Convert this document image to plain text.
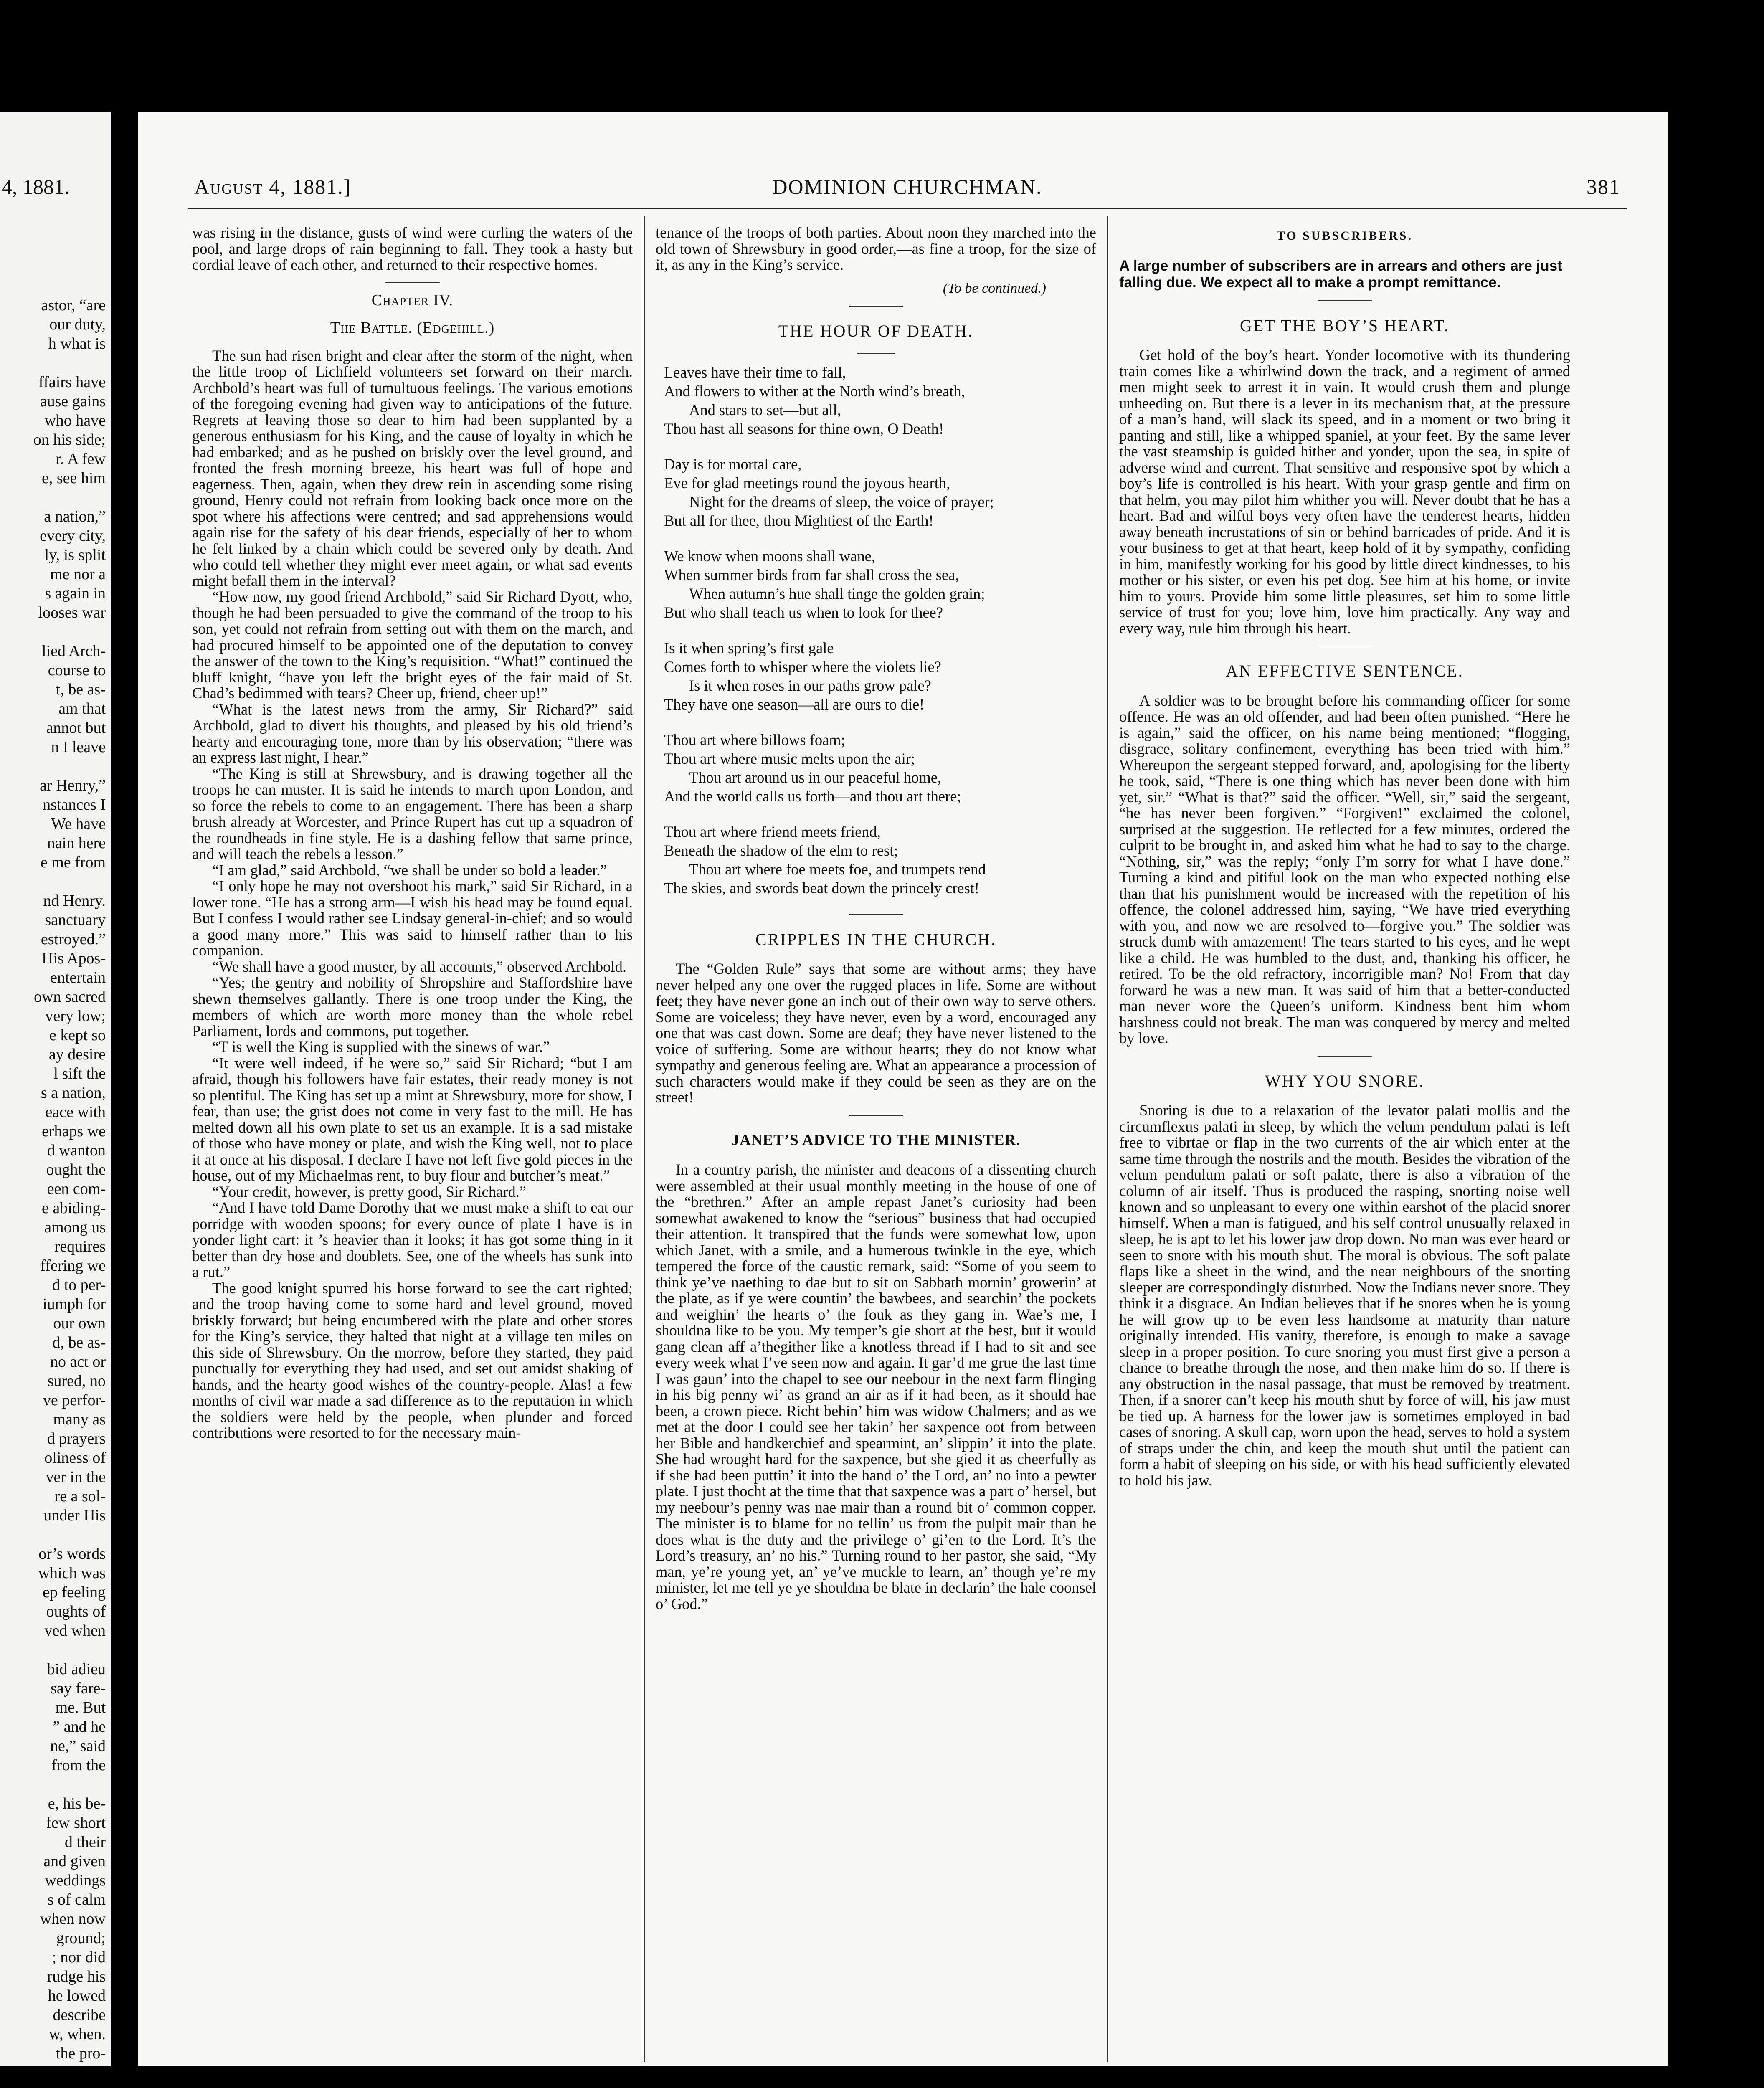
4, 1881.
astor, “are
our duty,
h what is

ffairs have
ause gains
who have
on his side;
r. A few
e, see him

a nation,”
every city,
ly, is split
me nor a
s again in
looses war

lied Arch-
course to
t, be as-
am that
annot but
n I leave

ar Henry,”
nstances I
We have
nain here
e me from

nd Henry.
sanctuary
estroyed.”
His Apos-
entertain
own sacred
very low;
e kept so
ay desire
l sift the
s a nation,
eace with
erhaps we
d wanton
ought the
een com-
e abiding-
among us
requires
ffering we
d to per-
iumph for
our own
d, be as-
no act or
sured, no
ve perfor-
many as
d prayers
oliness of
ver in the
re a sol-
under His

or’s words
which was
ep feeling
oughts of
ved when

bid adieu
say fare-
me. But
” and he
ne,” said
from the

e, his be-
few short
d their
and given
weddings
s of calm
when now
ground;
; nor did
rudge his
he lowed
describe
w, when.
the pro-

August 4, 1881.]	DOMINION CHURCHMAN.	381

was rising in the distance, gusts of wind were curling the waters of the pool, and large drops of rain beginning to fall. They took a hasty but cordial leave of each other, and returned to their respective homes.

Chapter IV.
The Battle. (Edgehill.)

The sun had risen bright and clear after the storm of the night, when the little troop of Lichfield volunteers set forward on their march. Archbold’s heart was full of tumultuous feelings. The various emotions of the foregoing evening had given way to anticipations of the future. Regrets at leaving those so dear to him had been supplanted by a generous enthusiasm for his King, and the cause of loyalty in which he had embarked; and as he pushed on briskly over the level ground, and fronted the fresh morning breeze, his heart was full of hope and eagerness. Then, again, when they drew rein in ascending some rising ground, Henry could not refrain from looking back once more on the spot where his affections were centred; and sad apprehensions would again rise for the safety of his dear friends, especially of her to whom he felt linked by a chain which could be severed only by death. And who could tell whether they might ever meet again, or what sad events might befall them in the interval?

“How now, my good friend Archbold,” said Sir Richard Dyott, who, though he had been persuaded to give the command of the troop to his son, yet could not refrain from setting out with them on the march, and had procured himself to be appointed one of the deputation to convey the answer of the town to the King’s requisition. “What!” continued the bluff knight, “have you left the bright eyes of the fair maid of St. Chad’s bedimmed with tears? Cheer up, friend, cheer up!”

“What is the latest news from the army, Sir Richard?” said Archbold, glad to divert his thoughts, and pleased by his old friend’s hearty and encouraging tone, more than by his observation; “there was an express last night, I hear.”

“The King is still at Shrewsbury, and is drawing together all the troops he can muster. It is said he intends to march upon London, and so force the rebels to come to an engagement. There has been a sharp brush already at Worcester, and Prince Rupert has cut up a squadron of the roundheads in fine style. He is a dashing fellow that same prince, and will teach the rebels a lesson.”

“I am glad,” said Archbold, “we shall be under so bold a leader.”

“I only hope he may not overshoot his mark,” said Sir Richard, in a lower tone. “He has a strong arm—I wish his head may be found equal. But I confess I would rather see Lindsay general-in-chief; and so would a good many more.” This was said to himself rather than to his companion.

“We shall have a good muster, by all accounts,” observed Archbold.

“Yes; the gentry and nobility of Shropshire and Staffordshire have shewn themselves gallantly. There is one troop under the King, the members of which are worth more money than the whole rebel Parliament, lords and commons, put together.

“T is well the King is supplied with the sinews of war.”

“It were well indeed, if he were so,” said Sir Richard; “but I am afraid, though his followers have fair estates, their ready money is not so plentiful. The King has set up a mint at Shrewsbury, more for show, I fear, than use; the grist does not come in very fast to the mill. He has melted down all his own plate to set us an example. It is a sad mistake of those who have money or plate, and wish the King well, not to place it at once at his disposal. I declare I have not left five gold pieces in the house, out of my Michaelmas rent, to buy flour and butcher’s meat.”

“Your credit, however, is pretty good, Sir Richard.”

“And I have told Dame Dorothy that we must make a shift to eat our porridge with wooden spoons; for every ounce of plate I have is in yonder light cart: it ’s heavier than it looks; it has got some thing in it better than dry hose and doublets. See, one of the wheels has sunk into a rut.”

The good knight spurred his horse forward to see the cart righted; and the troop having come to some hard and level ground, moved briskly forward; but being encumbered with the plate and other stores for the King’s service, they halted that night at a village ten miles on this side of Shrewsbury. On the morrow, before they started, they paid punctually for everything they had used, and set out amidst shaking of hands, and the hearty good wishes of the country-people. Alas! a few months of civil war made a sad difference as to the reputation in which the soldiers were held by the people, when plunder and forced contributions were resorted to for the necessary main-

tenance of the troops of both parties. About noon they marched into the old town of Shrewsbury in good order,—as fine a troop, for the size of it, as any in the King’s service.

(To be continued.)
THE HOUR OF DEATH.
Leaves have their time to fall,
And flowers to wither at the North wind’s breath,
And stars to set—but all,
Thou hast all seasons for thine own, O Death!
Day is for mortal care,
Eve for glad meetings round the joyous hearth,
Night for the dreams of sleep, the voice of prayer;
But all for thee, thou Mightiest of the Earth!
We know when moons shall wane,
When summer birds from far shall cross the sea,
When autumn’s hue shall tinge the golden grain;
But who shall teach us when to look for thee?
Is it when spring’s first gale
Comes forth to whisper where the violets lie?
Is it when roses in our paths grow pale?
They have one season—all are ours to die!
Thou art where billows foam;
Thou art where music melts upon the air;
Thou art around us in our peaceful home,
And the world calls us forth—and thou art there;
Thou art where friend meets friend,
Beneath the shadow of the elm to rest;
Thou art where foe meets foe, and trumpets rend
The skies, and swords beat down the princely crest!
CRIPPLES IN THE CHURCH.

The “Golden Rule” says that some are without arms; they have never helped any one over the rugged places in life. Some are without feet; they have never gone an inch out of their own way to serve others. Some are voiceless; they have never, even by a word, encouraged any one that was cast down. Some are deaf; they have never listened to the voice of suffering. Some are without hearts; they do not know what sympathy and generous feeling are. What an appearance a procession of such characters would make if they could be seen as they are on the street!

JANET’S ADVICE TO THE MINISTER.

In a country parish, the minister and deacons of a dissenting church were assembled at their usual monthly meeting in the house of one of the “brethren.” After an ample repast Janet’s curiosity had been somewhat awakened to know the “serious” business that had occupied their attention. It transpired that the funds were somewhat low, upon which Janet, with a smile, and a humerous twinkle in the eye, which tempered the force of the caustic remark, said: “Some of you seem to think ye’ve naething to dae but to sit on Sabbath mornin’ growerin’ at the plate, as if ye were countin’ the bawbees, and searchin’ the pockets and weighin’ the hearts o’ the fouk as they gang in. Wae’s me, I shouldna like to be you. My temper’s gie short at the best, but it would gang clean aff a’thegither like a knotless thread if I had to sit and see every week what I’ve seen now and again. It gar’d me grue the last time I was gaun’ into the chapel to see our neebour in the next farm flinging in his big penny wi’ as grand an air as if it had been, as it should hae been, a crown piece. Richt behin’ him was widow Chalmers; and as we met at the door I could see her takin’ her saxpence oot from between her Bible and handkerchief and spearmint, an’ slippin’ it into the plate. She had wrought hard for the saxpence, but she gied it as cheerfully as if she had been puttin’ it into the hand o’ the Lord, an’ no into a pewter plate. I just thocht at the time that that saxpence was a part o’ hersel, but my neebour’s penny was nae mair than a round bit o’ common copper. The minister is to blame for no tellin’ us from the pulpit mair than he does what is the duty and the privilege o’ gi’en to the Lord. It’s the Lord’s treasury, an’ no his.” Turning round to her pastor, she said, “My man, ye’re young yet, an’ ye’ve muckle to learn, an’ though ye’re my minister, let me tell ye ye shouldna be blate in declarin’ the hale coonsel o’ God.”

TO SUBSCRIBERS.
A large number of subscribers are in arrears and others are just falling due. We expect all to make a prompt remittance.
GET THE BOY’S HEART.

Get hold of the boy’s heart. Yonder locomotive with its thundering train comes like a whirlwind down the track, and a regiment of armed men might seek to arrest it in vain. It would crush them and plunge unheeding on. But there is a lever in its mechanism that, at the pressure of a man’s hand, will slack its speed, and in a moment or two bring it panting and still, like a whipped spaniel, at your feet. By the same lever the vast steamship is guided hither and yonder, upon the sea, in spite of adverse wind and current. That sensitive and responsive spot by which a boy’s life is controlled is his heart. With your grasp gentle and firm on that helm, you may pilot him whither you will. Never doubt that he has a heart. Bad and wilful boys very often have the tenderest hearts, hidden away beneath incrustations of sin or behind barricades of pride. And it is your business to get at that heart, keep hold of it by sympathy, confiding in him, manifestly working for his good by little direct kindnesses, to his mother or his sister, or even his pet dog. See him at his home, or invite him to yours. Provide him some little pleasures, set him to some little service of trust for you; love him, love him practically. Any way and every way, rule him through his heart.

AN EFFECTIVE SENTENCE.

A soldier was to be brought before his commanding officer for some offence. He was an old offender, and had been often punished. “Here he is again,” said the officer, on his name being mentioned; “flogging, disgrace, solitary confinement, everything has been tried with him.” Whereupon the sergeant stepped forward, and, apologising for the liberty he took, said, “There is one thing which has never been done with him yet, sir.” “What is that?” said the officer. “Well, sir,” said the sergeant, “he has never been forgiven.” “Forgiven!” exclaimed the colonel, surprised at the suggestion. He reflected for a few minutes, ordered the culprit to be brought in, and asked him what he had to say to the charge. “Nothing, sir,” was the reply; “only I’m sorry for what I have done.” Turning a kind and pitiful look on the man who expected nothing else than that his punishment would be increased with the repetition of his offence, the colonel addressed him, saying, “We have tried everything with you, and now we are resolved to—forgive you.” The soldier was struck dumb with amazement! The tears started to his eyes, and he wept like a child. He was humbled to the dust, and, thanking his officer, he retired. To be the old refractory, incorrigible man? No! From that day forward he was a new man. It was said of him that a better-conducted man never wore the Queen’s uniform. Kindness bent him whom harshness could not break. The man was conquered by mercy and melted by love.

WHY YOU SNORE.

Snoring is due to a relaxation of the levator palati mollis and the circumflexus palati in sleep, by which the velum pendulum palati is left free to vibrtae or flap in the two currents of the air which enter at the same time through the nostrils and the mouth. Besides the vibration of the velum pendulum palati or soft palate, there is also a vibration of the column of air itself. Thus is produced the rasping, snorting noise well known and so unpleasant to every one within earshot of the placid snorer himself. When a man is fatigued, and his self control unusually relaxed in sleep, he is apt to let his lower jaw drop down. No man was ever heard or seen to snore with his mouth shut. The moral is obvious. The soft palate flaps like a sheet in the wind, and the near neighbours of the snorting sleeper are correspondingly disturbed. Now the Indians never snore. They think it a disgrace. An Indian believes that if he snores when he is young he will grow up to be even less handsome at maturity than nature originally intended. His vanity, therefore, is enough to make a savage sleep in a proper position. To cure snoring you must first give a person a chance to breathe through the nose, and then make him do so. If there is any obstruction in the nasal passage, that must be removed by treatment. Then, if a snorer can’t keep his mouth shut by force of will, his jaw must be tied up. A harness for the lower jaw is sometimes employed in bad cases of snoring. A skull cap, worn upon the head, serves to hold a system of straps under the chin, and keep the mouth shut until the patient can form a habit of sleeping on his side, or with his head sufficiently elevated to hold his jaw.
